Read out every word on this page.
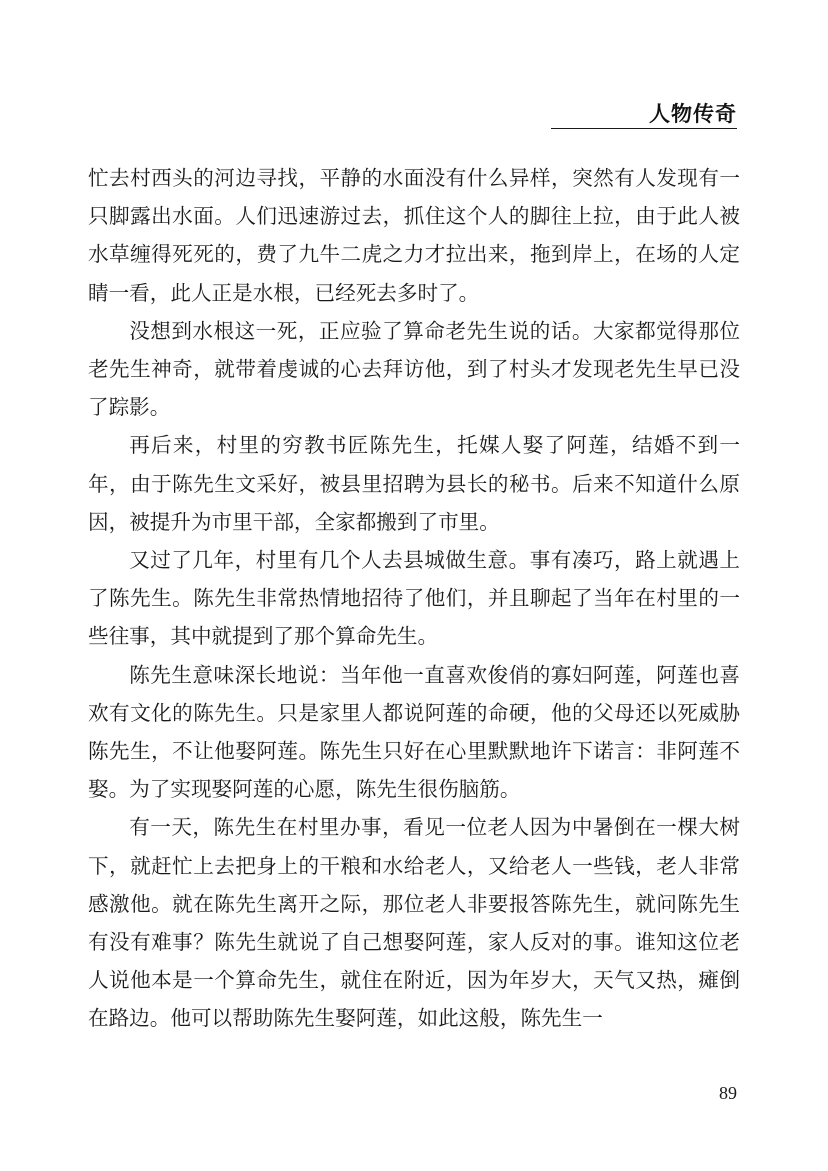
人物传奇

忙去村西头的河边寻找，平静的水面没有什么异样，突然有人发现有一只脚露出水面。人们迅速游过去，抓住这个人的脚往上拉，由于此人被水草缠得死死的，费了九牛二虎之力才拉出来，拖到岸上，在场的人定睛一看，此人正是水根，已经死去多时了。

没想到水根这一死，正应验了算命老先生说的话。大家都觉得那位老先生神奇，就带着虔诚的心去拜访他，到了村头才发现老先生早已没了踪影。

再后来，村里的穷教书匠陈先生，托媒人娶了阿莲，结婚不到一年，由于陈先生文采好，被县里招聘为县长的秘书。后来不知道什么原因，被提升为市里干部，全家都搬到了市里。

又过了几年，村里有几个人去县城做生意。事有凑巧，路上就遇上了陈先生。陈先生非常热情地招待了他们，并且聊起了当年在村里的一些往事，其中就提到了那个算命先生。

陈先生意味深长地说：当年他一直喜欢俊俏的寡妇阿莲，阿莲也喜欢有文化的陈先生。只是家里人都说阿莲的命硬，他的父母还以死威胁陈先生，不让他娶阿莲。陈先生只好在心里默默地许下诺言：非阿莲不娶。为了实现娶阿莲的心愿，陈先生很伤脑筋。

有一天，陈先生在村里办事，看见一位老人因为中暑倒在一棵大树下，就赶忙上去把身上的干粮和水给老人，又给老人一些钱，老人非常感激他。就在陈先生离开之际，那位老人非要报答陈先生，就问陈先生有没有难事？陈先生就说了自己想娶阿莲，家人反对的事。谁知这位老人说他本是一个算命先生，就住在附近，因为年岁大，天气又热，瘫倒在路边。他可以帮助陈先生娶阿莲，如此这般，陈先生一

89
